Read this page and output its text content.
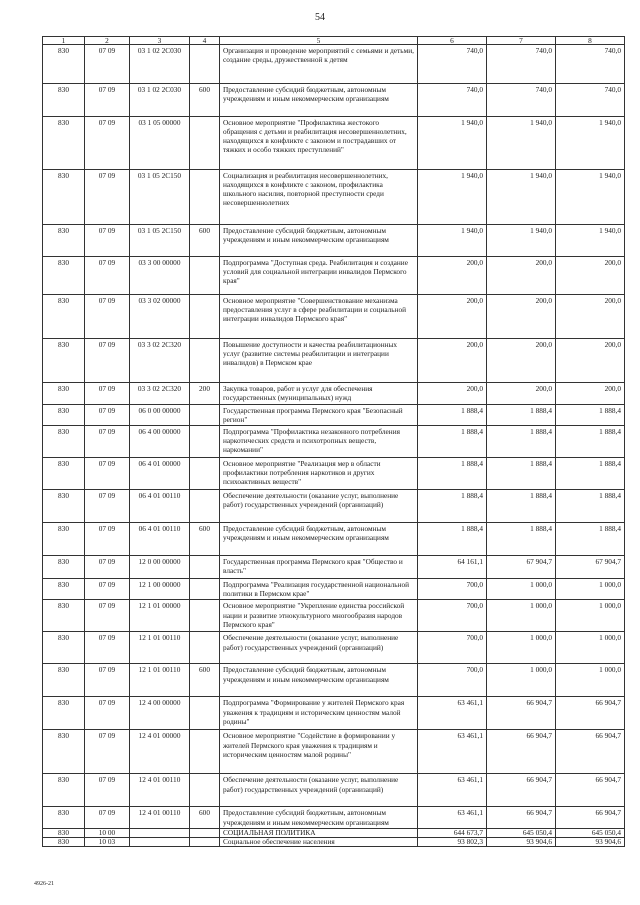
54
1	2	3	4	5	6	7	8
830	07 09	03 1 02 2С030		Организация и проведение мероприятий с семьями и детьми, создание среды, дружественной к детям	740,0	740,0	740,0
830	07 09	03 1 02 2С030	600	Предоставление субсидий бюджетным, автономным учреждениям и иным некоммерческим организациям	740,0	740,0	740,0
830	07 09	03 1 05 00000		Основное мероприятие "Профилактика жестокого обращения с детьми и реабилитация несовершеннолетних, находящихся в конфликте с законом и пострадавших от тяжких и особо тяжких преступлений"	1 940,0	1 940,0	1 940,0
830	07 09	03 1 05 2С150		Социализация и реабилитация несовершеннолетних, находящихся в конфликте с законом, профилактика школьного насилия, повторной преступности среди несовершеннолетних	1 940,0	1 940,0	1 940,0
830	07 09	03 1 05 2С150	600	Предоставление субсидий бюджетным, автономным учреждениям и иным некоммерческим организациям	1 940,0	1 940,0	1 940,0
830	07 09	03 3 00 00000		Подпрограмма "Доступная среда. Реабилитация и создание условий для социальной интеграции инвалидов Пермского края"	200,0	200,0	200,0
830	07 09	03 3 02 00000		Основное мероприятие "Совершенствование механизма предоставления услуг в сфере реабилитации и социальной интеграции инвалидов Пермского края"	200,0	200,0	200,0
830	07 09	03 3 02 2С320		Повышение доступности и качества реабилитационных услуг (развитие системы реабилитации и интеграции инвалидов) в Пермском крае	200,0	200,0	200,0
830	07 09	03 3 02 2С320	200	Закупка товаров, работ и услуг для обеспечения государственных (муниципальных) нужд	200,0	200,0	200,0
830	07 09	06 0 00 00000		Государственная программа Пермского края "Безопасный регион"	1 888,4	1 888,4	1 888,4
830	07 09	06 4 00 00000		Подпрограмма "Профилактика незаконного потребления наркотических средств и психотропных веществ, наркомании"	1 888,4	1 888,4	1 888,4
830	07 09	06 4 01 00000		Основное мероприятие "Реализация мер в области профилактики потребления наркотиков и других психоактивных веществ"	1 888,4	1 888,4	1 888,4
830	07 09	06 4 01 00110		Обеспечение деятельности (оказание услуг, выполнение работ) государственных учреждений (организаций)	1 888,4	1 888,4	1 888,4
830	07 09	06 4 01 00110	600	Предоставление субсидий бюджетным, автономным учреждениям и иным некоммерческим организациям	1 888,4	1 888,4	1 888,4
830	07 09	12 0 00 00000		Государственная программа Пермского края "Общество и власть"	64 161,1	67 904,7	67 904,7
830	07 09	12 1 00 00000		Подпрограмма "Реализация государственной национальной политики в Пермском крае"	700,0	1 000,0	1 000,0
830	07 09	12 1 01 00000		Основное мероприятие "Укрепление единства российской нации и развитие этнокультурного многообразия народов Пермского края"	700,0	1 000,0	1 000,0
830	07 09	12 1 01 00110		Обеспечение деятельности (оказание услуг, выполнение работ) государственных учреждений (организаций)	700,0	1 000,0	1 000,0
830	07 09	12 1 01 00110	600	Предоставление субсидий бюджетным, автономным учреждениям и иным некоммерческим организациям	700,0	1 000,0	1 000,0
830	07 09	12 4 00 00000		Подпрограмма "Формирование у жителей Пермского края уважения к традициям и историческим ценностям малой родины"	63 461,1	66 904,7	66 904,7
830	07 09	12 4 01 00000		Основное мероприятие "Содействие в формировании у жителей Пермского края уважения к традициям и историческим ценностям малой родины"	63 461,1	66 904,7	66 904,7
830	07 09	12 4 01 00110		Обеспечение деятельности (оказание услуг, выполнение работ) государственных учреждений (организаций)	63 461,1	66 904,7	66 904,7
830	07 09	12 4 01 00110	600	Предоставление субсидий бюджетным, автономным учреждениям и иным некоммерческим организациям	63 461,1	66 904,7	66 904,7
830	10 00			СОЦИАЛЬНАЯ ПОЛИТИКА	644 673,7	645 050,4	645 050,4
830	10 03			Социальное обеспечение населения	93 802,3	93 904,6	93 904,6
4926-21
